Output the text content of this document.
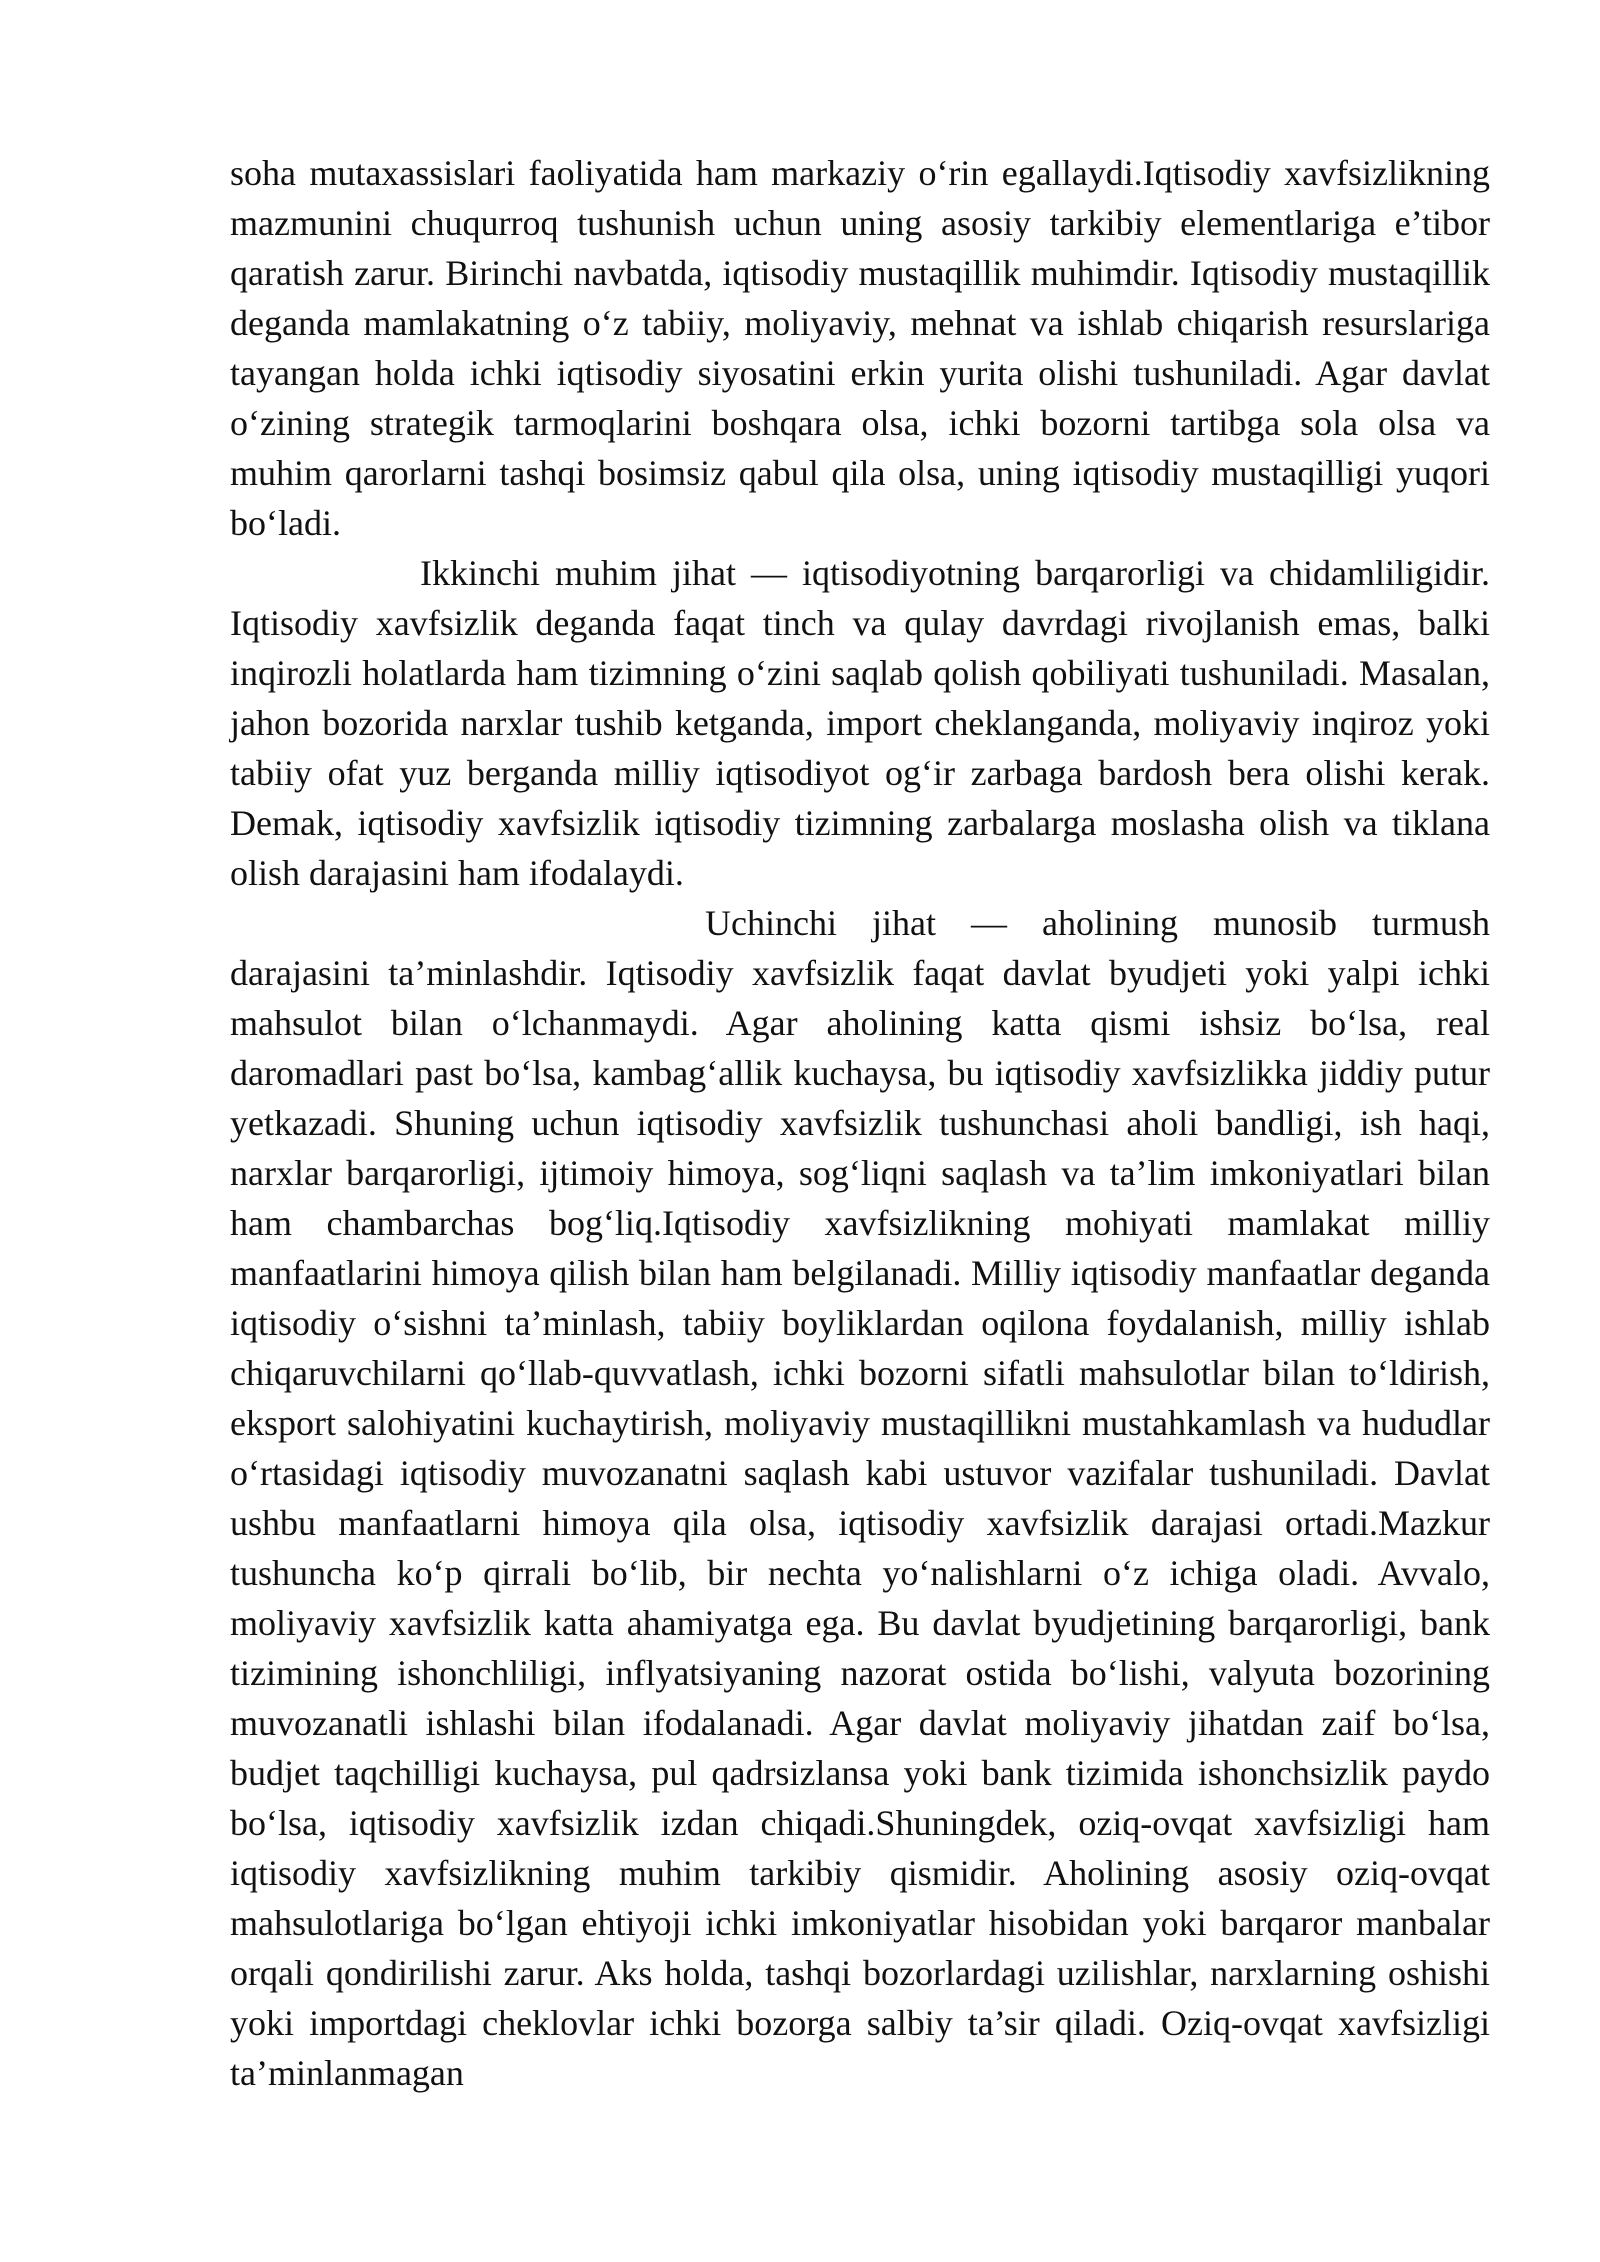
soha mutaxassislari faoliyatida ham markaziy o‘rin egallaydi.Iqtisodiy xavfsizlikning mazmunini chuqurroq tushunish uchun uning asosiy tarkibiy elementlariga e’tibor qaratish zarur. Birinchi navbatda, iqtisodiy mustaqillik muhimdir. Iqtisodiy mustaqillik deganda mamlakatning o‘z tabiiy, moliyaviy, mehnat va ishlab chiqarish resurslariga tayangan holda ichki iqtisodiy siyosatini erkin yurita olishi tushuniladi. Agar davlat o‘zining strategik tarmoqlarini boshqara olsa, ichki bozorni tartibga sola olsa va muhim qarorlarni tashqi bosimsiz qabul qila olsa, uning iqtisodiy mustaqilligi yuqori bo‘ladi.

Ikkinchi muhim jihat — iqtisodiyotning barqarorligi va chidamliligidir. Iqtisodiy xavfsizlik deganda faqat tinch va qulay davrdagi rivojlanish emas, balki inqirozli holatlarda ham tizimning o‘zini saqlab qolish qobiliyati tushuniladi. Masalan, jahon bozorida narxlar tushib ketganda, import cheklanganda, moliyaviy inqiroz yoki tabiiy ofat yuz berganda milliy iqtisodiyot og‘ir zarbaga bardosh bera olishi kerak. Demak, iqtisodiy xavfsizlik iqtisodiy tizimning zarbalarga moslasha olish va tiklana olish darajasini ham ifodalaydi.

Uchinchi jihat — aholining munosib turmush darajasini ta’minlashdir. Iqtisodiy xavfsizlik faqat davlat byudjeti yoki yalpi ichki mahsulot bilan o‘lchanmaydi. Agar aholining katta qismi ishsiz bo‘lsa, real daromadlari past bo‘lsa, kambag‘allik kuchaysa, bu iqtisodiy xavfsizlikka jiddiy putur yetkazadi. Shuning uchun iqtisodiy xavfsizlik tushunchasi aholi bandligi, ish haqi, narxlar barqarorligi, ijtimoiy himoya, sog‘liqni saqlash va ta’lim imkoniyatlari bilan ham chambarchas bog‘liq.Iqtisodiy xavfsizlikning mohiyati mamlakat milliy manfaatlarini himoya qilish bilan ham belgilanadi. Milliy iqtisodiy manfaatlar deganda iqtisodiy o‘sishni ta’minlash, tabiiy boyliklardan oqilona foydalanish, milliy ishlab chiqaruvchilarni qo‘llab-quvvatlash, ichki bozorni sifatli mahsulotlar bilan to‘ldirish, eksport salohiyatini kuchaytirish, moliyaviy mustaqillikni mustahkamlash va hududlar o‘rtasidagi iqtisodiy muvozanatni saqlash kabi ustuvor vazifalar tushuniladi. Davlat ushbu manfaatlarni himoya qila olsa, iqtisodiy xavfsizlik darajasi ortadi.Mazkur tushuncha ko‘p qirrali bo‘lib, bir nechta yo‘nalishlarni o‘z ichiga oladi. Avvalo, moliyaviy xavfsizlik katta ahamiyatga ega. Bu davlat byudjetining barqarorligi, bank tizimining ishonchliligi, inflyatsiyaning nazorat ostida bo‘lishi, valyuta bozorining muvozanatli ishlashi bilan ifodalanadi. Agar davlat moliyaviy jihatdan zaif bo‘lsa, budjet taqchilligi kuchaysa, pul qadrsizlansa yoki bank tizimida ishonchsizlik paydo bo‘lsa, iqtisodiy xavfsizlik izdan chiqadi.Shuningdek, oziq-ovqat xavfsizligi ham iqtisodiy xavfsizlikning muhim tarkibiy qismidir. Aholining asosiy oziq-ovqat mahsulotlariga bo‘lgan ehtiyoji ichki imkoniyatlar hisobidan yoki barqaror manbalar orqali qondirilishi zarur. Aks holda, tashqi bozorlardagi uzilishlar, narxlarning oshishi yoki importdagi cheklovlar ichki bozorga salbiy ta’sir qiladi. Oziq-ovqat xavfsizligi ta’minlanmagan
